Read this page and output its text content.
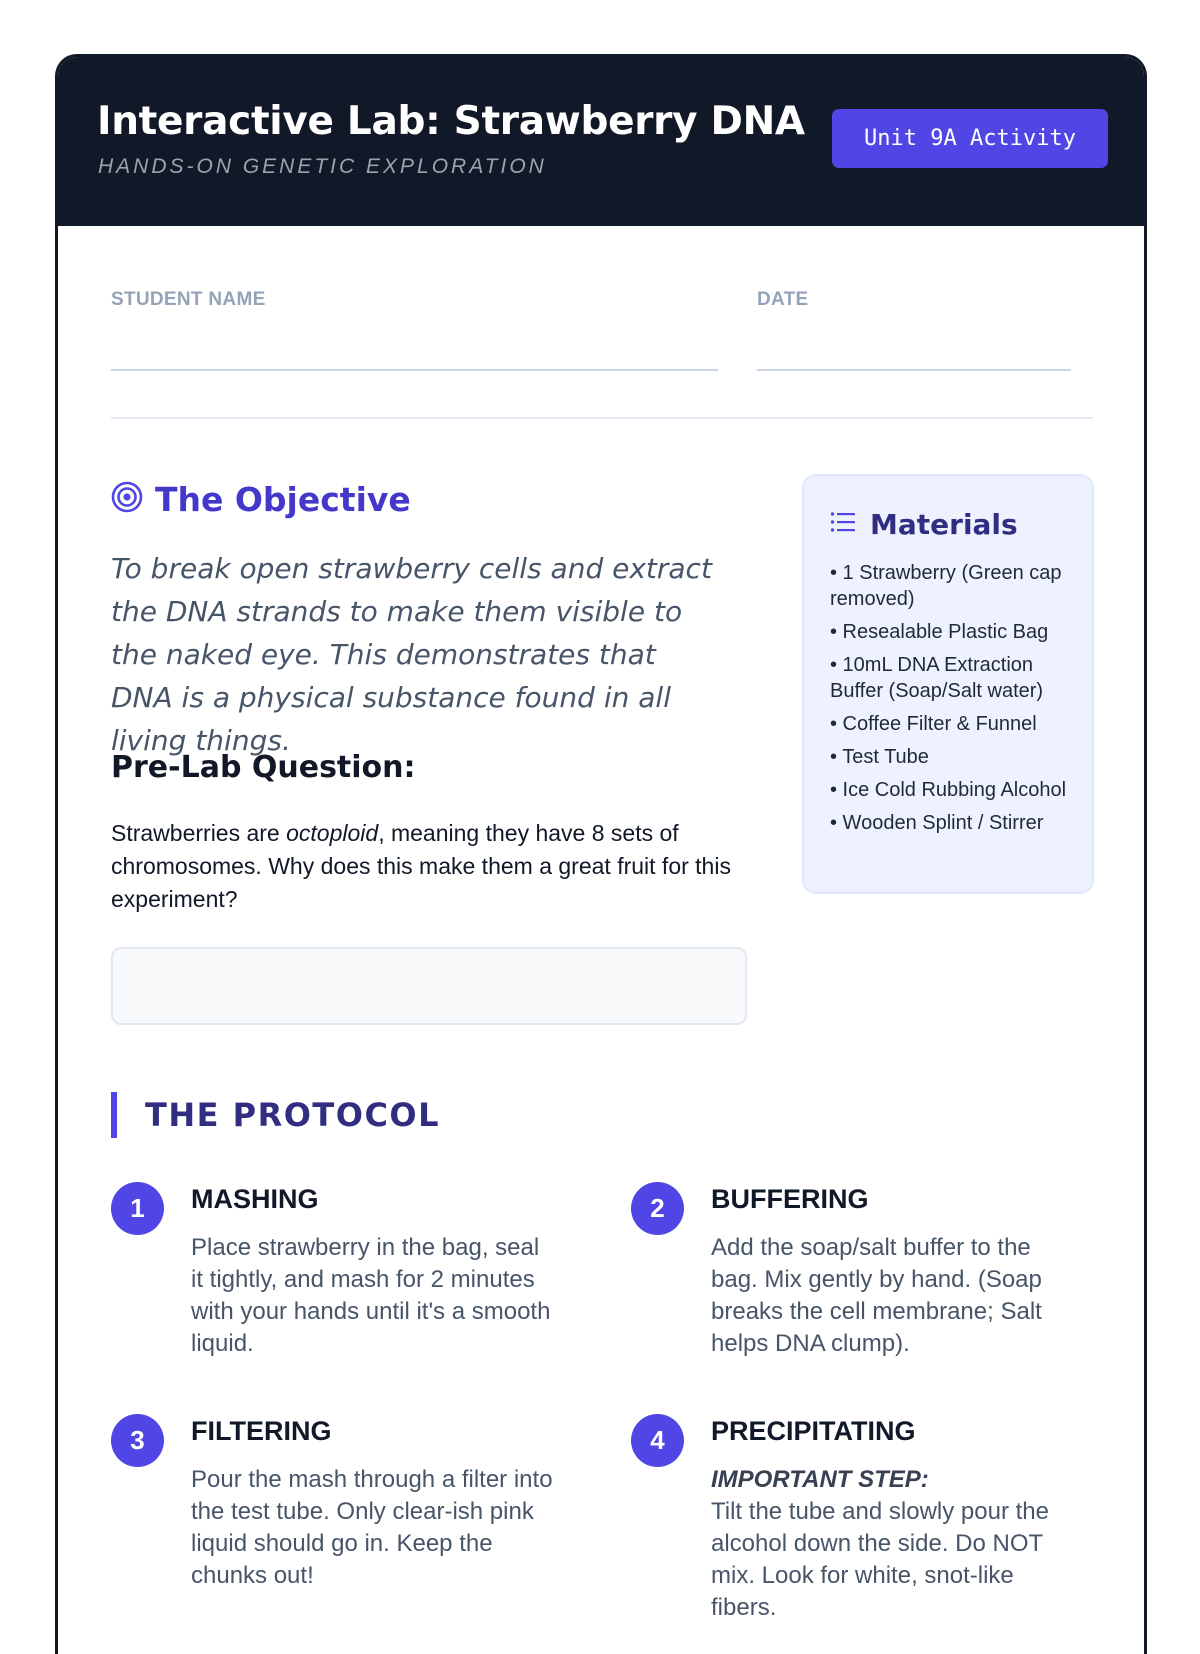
Interactive Lab: Strawberry DNA
HANDS-ON GENETIC EXPLORATION
Unit 9A Activity
STUDENT NAME	DATE
The Objective

To break open strawberry cells and extract the DNA strands to make them visible to the naked eye. This demonstrates that DNA is a physical substance found in all living things.

Pre-Lab Question:

Strawberries are octoploid, meaning they have 8 sets of chromosomes. Why does this make them a great fruit for this experiment?

Materials
• 1 Strawberry (Green cap removed)
• Resealable Plastic Bag
• 10mL DNA Extraction Buffer (Soap/Salt water)
• Coffee Filter & Funnel
• Test Tube
• Ice Cold Rubbing Alcohol
• Wooden Splint / Stirrer
THE PROTOCOL
1	MASHING

Place strawberry in the bag, seal it tightly, and mash for 2 minutes with your hands until it's a smooth liquid.

2	BUFFERING

Add the soap/salt buffer to the bag. Mix gently by hand. (Soap breaks the cell membrane; Salt helps DNA clump).

3	FILTERING

Pour the mash through a filter into the test tube. Only clear-ish pink liquid should go in. Keep the chunks out!

4	PRECIPITATING

IMPORTANT STEP:
Tilt the tube and slowly pour the alcohol down the side. Do NOT mix. Look for white, snot-like fibers.
